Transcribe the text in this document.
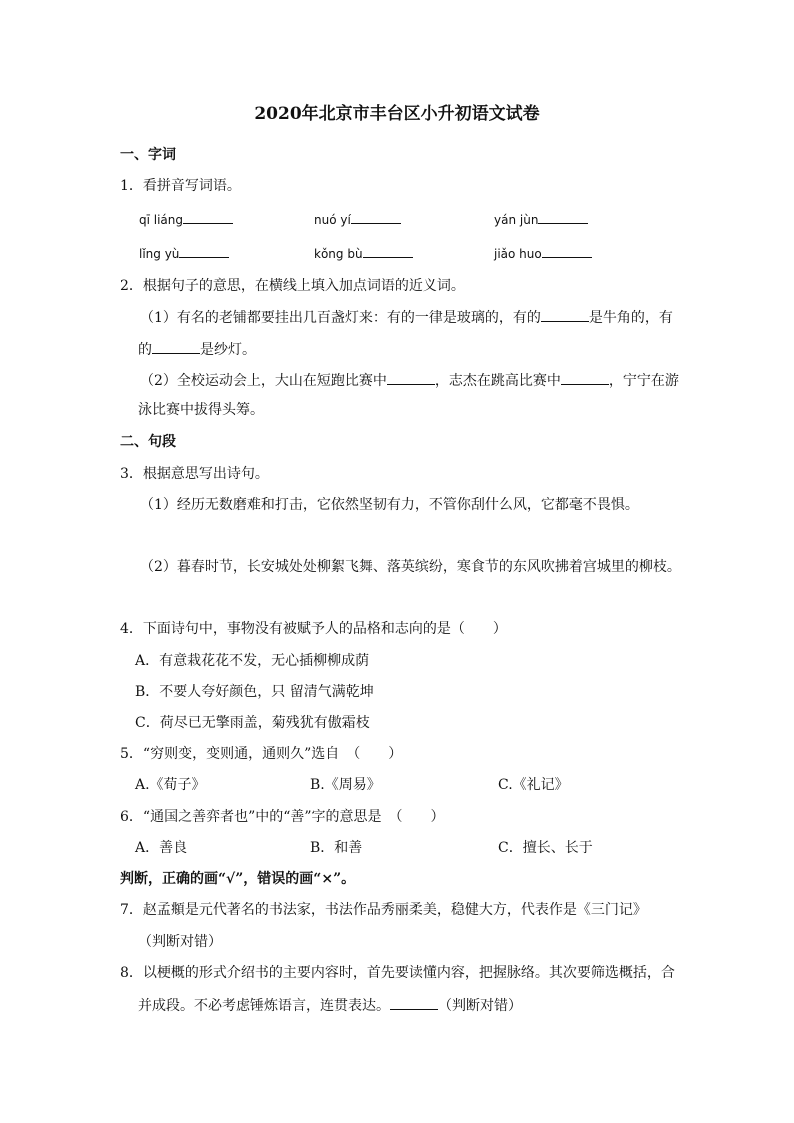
2020年北京市丰台区小升初语文试卷
一、字词
1．看拼音写词语。
qī liáng	nuó yí	yán jùn
lǐng yù	kǒng bù	jiǎo huo
2．根据句子的意思，在横线上填入加点词语的近义词。
（1）有名的老铺都要挂出几百盏灯来：有的一律是玻璃的，有的	是牛角的，有
的	是纱灯。
（2）全校运动会上，大山在短跑比赛中	，志杰在跳高比赛中	，宁宁在游
泳比赛中拔得头筹。
二、句段
3．根据意思写出诗句。
（1）经历无数磨难和打击，它依然坚韧有力，不管你刮什么风，它都毫不畏惧。
（2）暮春时节，长安城处处柳絮飞舞、落英缤纷，寒食节的东风吹拂着宫城里的柳枝。
4．下面诗句中，事物没有被赋予人的品格和志向的是（　　）
A．有意栽花花不发，无心插柳柳成荫
B．不要人夸好颜色，只 留清气满乾坤
C．荷尽已无擎雨盖，菊残犹有傲霜枝
5．“穷则变，变则通，通则久”选自　（　　）
A.《荀子》	B.《周易》	C.《礼记》
6．“通国之善弈者也”中的“善”字的意思是　（　　）
A．善良	B．和善	C．擅长、长于
判断，正确的画“√”，错误的画“×”。
7．赵孟頫是元代著名的书法家，书法作品秀丽柔美，稳健大方，代表作是《三门记》
（判断对错）
8．以梗概的形式介绍书的主要内容时，首先要读懂内容，把握脉络。其次要筛选概括，合
并成段。不必考虑锤炼语言，连贯表达。	（判断对错）
